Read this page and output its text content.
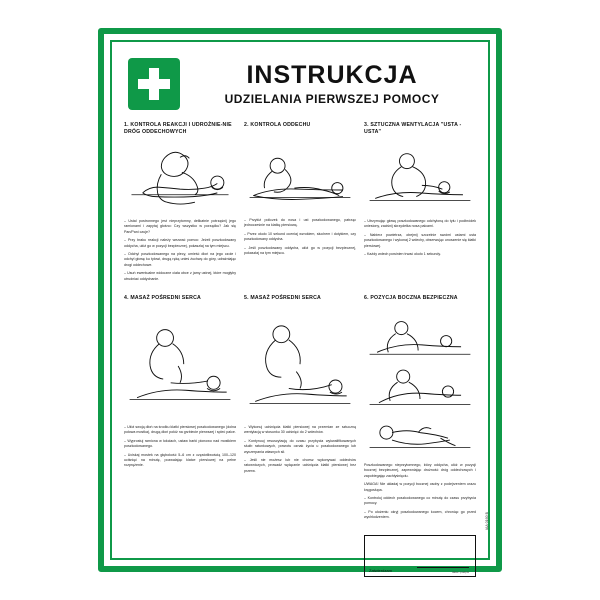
INSTRUKCJA
UDZIELANIA PIERWSZEJ POMOCY
1. KONTROLA REAKCJI I UDROŻNIE-NIE DRÓG ODDECHOWYCH

– Ustal postronnego jest nieprzytomny, delikatnie potrząśnij jego ramionami i zapytaj głośno: Czy wszystko w porządku? Jak się Pan/Pani czuje?

– Przy braku reakcji należy wezwać pomoc: Jeżeli poszkodowany oddycha, ułóż go w pozycji bezpiecznej, pokaszlaj na tym miejscu.

– Odchyl poszkodowanego na plecy, umieść dłoń na jego czole i odchyl głowę ku tyłowi, drugą ręką unieś żuchwę do góry, udrażniając drogi oddechowe.

– Usuń ewentualne widoczne ciała obce z jamy ustnej, które mogłyby utrudniać oddychanie.

2. KONTROLA ODDECHU

– Przyłóż policzek do nosa i ust poszkodowanego, patrząc jednocześnie na klatkę piersiową.

– Przez około 10 sekund oceniaj wzrokiem, słuchem i dotykiem, czy poszkodowany oddycha.

– Jeśli poszkodowany oddycha, ułóż go w pozycji bezpiecznej, pokaszlaj na tym miejscu.

3. SZTUCZNA WENTYLACJA "USTA - USTA"

– Utrzymując głowę poszkodowanego odchyloną do tyłu i podbródek uniesiony, zaciśnij skrzydełka nosa palcami.

– Nabierz powietrza, obejmij szczelnie swoimi ustami usta poszkodowanego i wykonaj 2 wdechy, obserwując unoszenie się klatki piersiowej.

– Każdy wdech powinien trwać około 1 sekundy.

4. MASAŻ POŚREDNI SERCA

– Ułóż swoją dłoń na środku klatki piersiowej poszkodowanego (dolna połowa mostka), drugą dłoń połóż na grzbiecie pierwszej i spleć palce.

– Wyprostuj ramiona w łokciach, ustaw barki pionowo nad mostkiem poszkodowanego.

– Uciskaj mostek na głębokość 5–6 cm z częstotliwością 100–120 uciśnięć na minutę, pozwalając klatce piersiowej na pełne rozprężenie.

5. MASAŻ POŚREDNI SERCA

– Wykonuj uciśnięcia klatki piersiowej na przemian ze sztuczną wentylacją w stosunku 30 uciśnięć do 2 wdechów.

– Kontynuuj resuscytację do czasu przybycia wykwalifikowanych służb ratunkowych, powrotu oznak życia u poszkodowanego lub wyczerpania własnych sił.

– Jeśli nie możesz lub nie chcesz wykonywać oddechów ratowniczych, prowadź wyłącznie uciśnięcia klatki piersiowej bez przerw.

6. POZYCJA BOCZNA BEZPIECZNA

Poszkodowanego nieprzytomnego, który oddycha, ułóż w pozycji bocznej bezpiecznej, zapewniając drożność dróg oddechowych i zapobiegając zachłyśnięciu.

UWAGA! Nie układaj w pozycji bocznej osoby z podejrzeniem urazu kręgosłupa.

– Kontroluj oddech poszkodowanego co minutę do czasu przybycia pomocy.

– Po ułożeniu okryj poszkodowanego kocem, chroniąc go przed wychłodzeniem.

Zatwierdzam	data i podpis
IAA 0160 B
